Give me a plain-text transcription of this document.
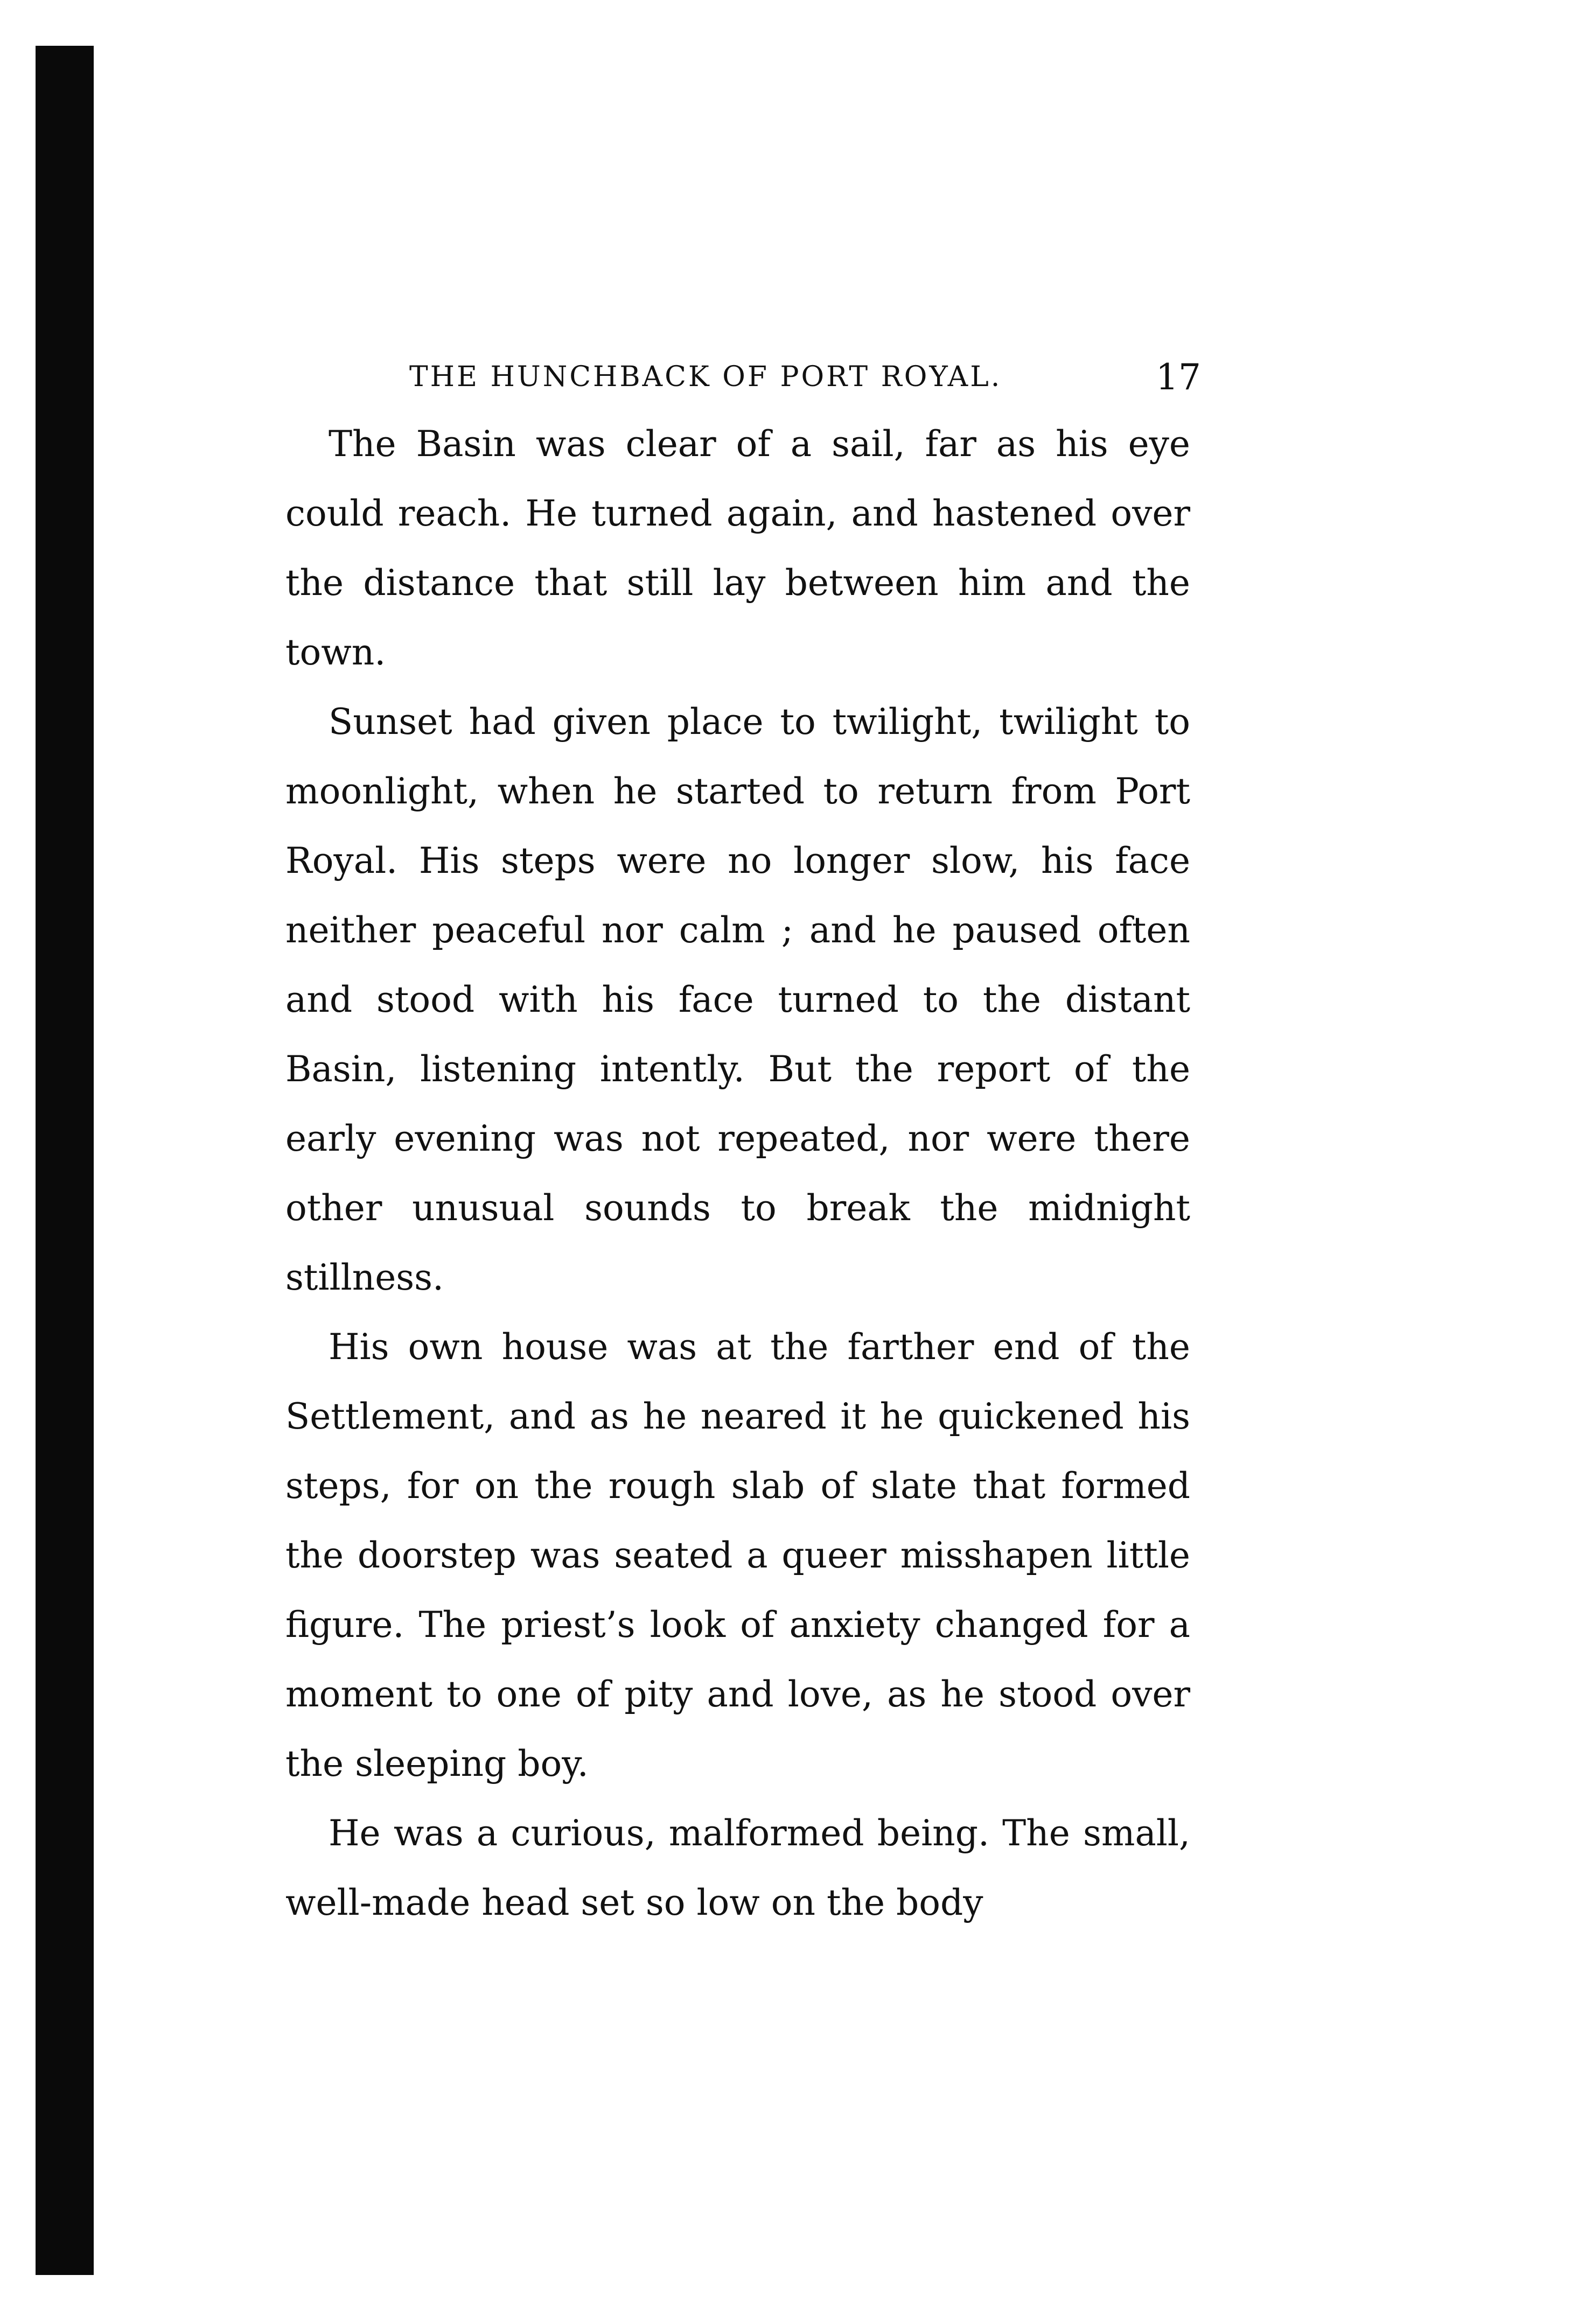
THE HUNCHBACK OF PORT ROYAL.	17

The Basin was clear of a sail, far as his eye could reach. He turned again, and hastened over the distance that still lay between him and the town.

Sunset had given place to twilight, twilight to moonlight, when he started to return from Port Royal. His steps were no longer slow, his face neither peaceful nor calm ; and he paused often and stood with his face turned to the distant Basin, listening intently. But the report of the early evening was not repeated, nor were there other unusual sounds to break the midnight stillness.

His own house was at the farther end of the Settlement, and as he neared it he quickened his steps, for on the rough slab of slate that formed the doorstep was seated a queer misshapen little figure. The priest’s look of anxiety changed for a moment to one of pity and love, as he stood over the sleeping boy.

He was a curious, malformed being. The small, well-made head set so low on the body
